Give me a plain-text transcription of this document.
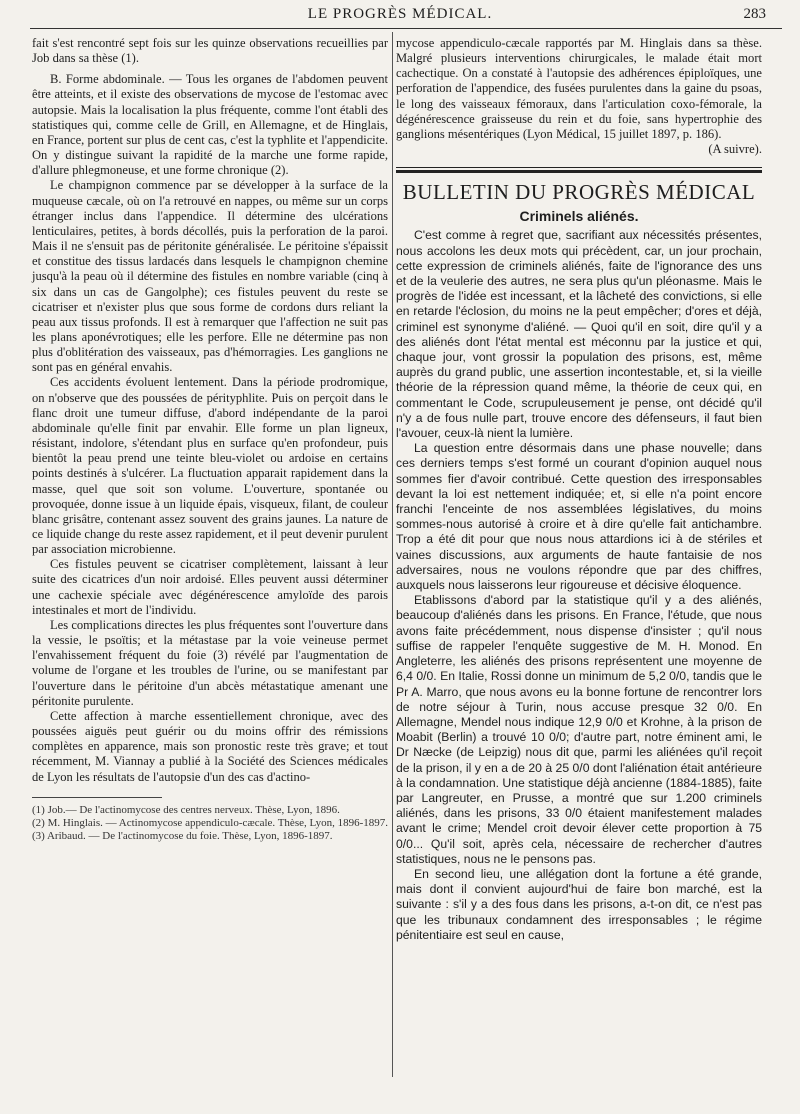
LE PROGRÈS MÉDICAL.	283

fait s'est rencontré sept fois sur les quinze observations recueillies par Job dans sa thèse (1).

B. Forme abdominale. — Tous les organes de l'abdomen peuvent être atteints, et il existe des observations de mycose de l'estomac avec autopsie. Mais la localisation la plus fréquente, comme l'ont établi des statistiques qui, comme celle de Grill, en Allemagne, et de Hinglais, en France, portent sur plus de cent cas, c'est la typhlite et l'appendicite. On y distingue suivant la rapidité de la marche une forme rapide, d'allure phlegmoneuse, et une forme chronique (2).

Le champignon commence par se développer à la surface de la muqueuse cæcale, où on l'a retrouvé en nappes, ou même sur un corps étranger inclus dans l'appendice. Il détermine des ulcérations lenticulaires, petites, à bords décollés, puis la perforation de la paroi. Mais il ne s'ensuit pas de péritonite généralisée. Le péritoine s'épaissit et constitue des tissus lardacés dans lesquels le champignon chemine jusqu'à la peau où il détermine des fistules en nombre variable (cinq à six dans un cas de Gangolphe); ces fistules peuvent du reste se cicatriser et n'exister plus que sous forme de cordons durs reliant la peau aux tissus profonds. Il est à remarquer que l'affection ne suit pas les plans aponévrotiques; elle les perfore. Elle ne détermine pas non plus d'oblitération des vaisseaux, pas d'hémorragies. Les ganglions ne sont pas en général envahis.

Ces accidents évoluent lentement. Dans la période prodromique, on n'observe que des poussées de pérityphlite. Puis on perçoit dans le flanc droit une tumeur diffuse, d'abord indépendante de la paroi abdominale qu'elle finit par envahir. Elle forme un plan ligneux, résistant, indolore, s'étendant plus en surface qu'en profondeur, puis bientôt la peau prend une teinte bleu-violet ou ardoise en certains points destinés à s'ulcérer. La fluctuation apparait rapidement dans la masse, quel que soit son volume. L'ouverture, spontanée ou provoquée, donne issue à un liquide épais, visqueux, filant, de couleur blanc grisâtre, contenant assez souvent des grains jaunes. La nature de ce liquide change du reste assez rapidement, et il peut devenir purulent par association microbienne.

Ces fistules peuvent se cicatriser complètement, laissant à leur suite des cicatrices d'un noir ardoisé. Elles peuvent aussi déterminer une cachexie spéciale avec dégénérescence amyloïde des parois intestinales et mort de l'individu.

Les complications directes les plus fréquentes sont l'ouverture dans la vessie, le psoïtis; et la métastase par la voie veineuse permet l'envahissement fréquent du foie (3) révélé par l'augmentation de volume de l'organe et les troubles de l'urine, ou se manifestant par l'ouverture dans le péritoine d'un abcès métastatique amenant une péritonite purulente.

Cette affection à marche essentiellement chronique, avec des poussées aiguës peut guérir ou du moins offrir des rémissions complètes en apparence, mais son pronostic reste très grave; et tout récemment, M. Viannay a publié à la Société des Sciences médicales de Lyon les résultats de l'autopsie d'un des cas d'actino-

(1) Job.— De l'actinomycose des centres nerveux. Thèse, Lyon, 1896.

(2) M. Hinglais. — Actinomycose appendiculo-cæcale. Thèse, Lyon, 1896-1897.

(3) Aribaud. — De l'actinomycose du foie. Thèse, Lyon, 1896-1897.

mycose appendiculo-cæcale rapportés par M. Hinglais dans sa thèse. Malgré plusieurs interventions chirurgicales, le malade était mort cachectique. On a constaté à l'autopsie des adhérences épiploïques, une perforation de l'appendice, des fusées purulentes dans la gaine du psoas, le long des vaisseaux fémoraux, dans l'articulation coxo-fémorale, la dégénérescence graisseuse du rein et du foie, sans hypertrophie des ganglions mésentériques (Lyon Médical, 15 juillet 1897, p. 186).

(A suivre).

BULLETIN DU PROGRÈS MÉDICAL
Criminels aliénés.

C'est comme à regret que, sacrifiant aux nécessités présentes, nous accolons les deux mots qui précèdent, car, un jour prochain, cette expression de criminels aliénés, faite de l'ignorance des uns et de la veulerie des autres, ne sera plus qu'un pléonasme. Mais le progrès de l'idée est incessant, et la lâcheté des convictions, si elle en retarde l'éclosion, du moins ne la peut empêcher; d'ores et déjà, criminel est synonyme d'aliéné. — Quoi qu'il en soit, dire qu'il y a des aliénés dont l'état mental est méconnu par la justice et qui, chaque jour, vont grossir la population des prisons, est, même auprès du grand public, une assertion incontestable, et, si la vieille théorie de la répression quand même, la théorie de ceux qui, en commentant le Code, scrupuleusement je pense, ont décidé qu'il n'y a de fous nulle part, trouve encore des défenseurs, il faut bien l'avouer, ceux-là nient la lumière.

La question entre désormais dans une phase nouvelle; dans ces derniers temps s'est formé un courant d'opinion auquel nous sommes fier d'avoir contribué. Cette question des irresponsables devant la loi est nettement indiquée; et, si elle n'a point encore franchi l'enceinte de nos assemblées législatives, du moins sommes-nous autorisé à croire et à dire qu'elle fait antichambre. Trop a été dit pour que nous nous attardions ici à de stériles et vaines discussions, aux arguments de haute fantaisie de nos adversaires, nous ne voulons répondre que par des chiffres, auxquels nous laisserons leur rigoureuse et décisive éloquence.

Etablissons d'abord par la statistique qu'il y a des aliénés, beaucoup d'aliénés dans les prisons. En France, l'étude, que nous avons faite précédemment, nous dispense d'insister ; qu'il nous suffise de rappeler l'enquête suggestive de M. H. Monod. En Angleterre, les aliénés des prisons représentent une moyenne de 6,4 0/0. En Italie, Rossi donne un minimum de 5,2 0/0, tandis que le Pr A. Marro, que nous avons eu la bonne fortune de rencontrer lors de notre séjour à Turin, nous accuse presque 32 0/0. En Allemagne, Mendel nous indique 12,9 0/0 et Krohne, à la prison de Moabit (Berlin) a trouvé 10 0/0; d'autre part, notre éminent ami, le Dr Næcke (de Leipzig) nous dit que, parmi les aliénées qu'il reçoit de la prison, il y en a de 20 à 25 0/0 dont l'aliénation était antérieure à la condamnation. Une statistique déjà ancienne (1884-1885), faite par Langreuter, en Prusse, a montré que sur 1.200 criminels aliénés, dans les prisons, 33 0/0 étaient manifestement malades avant le crime; Mendel croit devoir élever cette proportion à 75 0/0... Qu'il soit, après cela, nécessaire de rechercher d'autres statistiques, nous ne le pensons pas.

En second lieu, une allégation dont la fortune a été grande, mais dont il convient aujourd'hui de faire bon marché, est la suivante : s'il y a des fous dans les prisons, a-t-on dit, ce n'est pas que les tribunaux condamnent des irresponsables ; le régime pénitentiaire est seul en cause,
